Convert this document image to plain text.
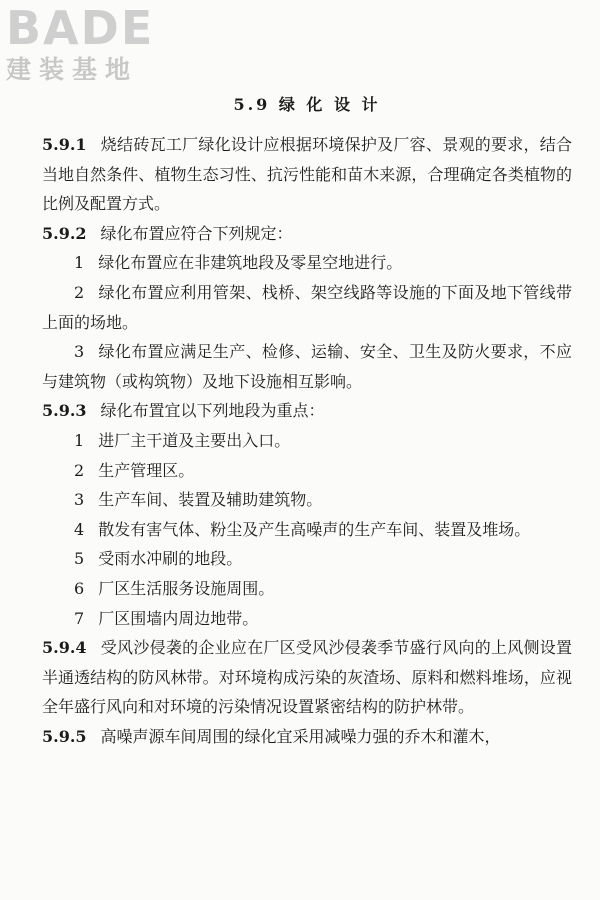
BADE
建装基地
5.9 绿 化 设 计

5.9.1 烧结砖瓦工厂绿化设计应根据环境保护及厂容、景观的要求，结合当地自然条件、植物生态习性、抗污性能和苗木来源，合理确定各类植物的比例及配置方式。

5.9.2 绿化布置应符合下列规定：

1 绿化布置应在非建筑地段及零星空地进行。

2 绿化布置应利用管架、栈桥、架空线路等设施的下面及地下管线带上面的场地。

3 绿化布置应满足生产、检修、运输、安全、卫生及防火要求，不应与建筑物（或构筑物）及地下设施相互影响。

5.9.3 绿化布置宜以下列地段为重点：

1 进厂主干道及主要出入口。

2 生产管理区。

3 生产车间、装置及辅助建筑物。

4 散发有害气体、粉尘及产生高噪声的生产车间、装置及堆场。

5 受雨水冲刷的地段。

6 厂区生活服务设施周围。

7 厂区围墙内周边地带。

5.9.4 受风沙侵袭的企业应在厂区受风沙侵袭季节盛行风向的上风侧设置半通透结构的防风林带。对环境构成污染的灰渣场、原料和燃料堆场，应视全年盛行风向和对环境的污染情况设置紧密结构的防护林带。

5.9.5 高噪声源车间周围的绿化宜采用减噪力强的乔木和灌木，
